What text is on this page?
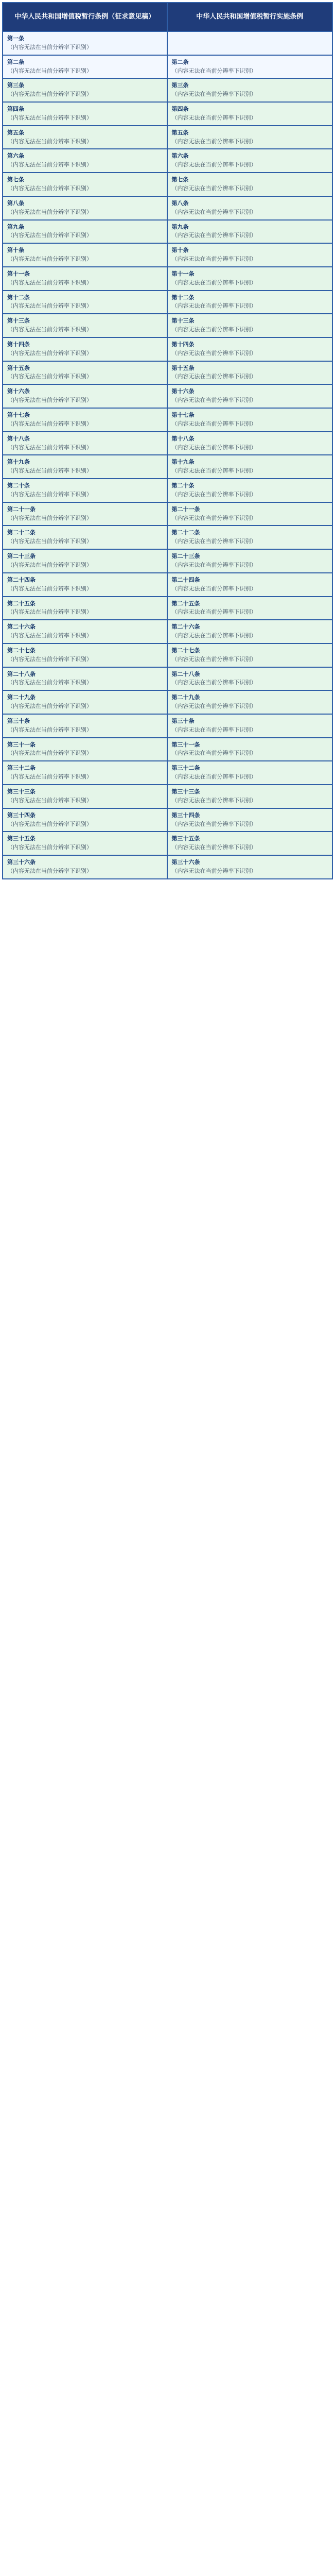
中华人民共和国增值税暂行条例（征求意见稿）	中华人民共和国增值税暂行实施条例
第一条
（内容无法在当前分辨率下识别）
第二条
（内容无法在当前分辨率下识别）
第二条
（内容无法在当前分辨率下识别）
第三条
（内容无法在当前分辨率下识别）
第三条
（内容无法在当前分辨率下识别）
第四条
（内容无法在当前分辨率下识别）
第四条
（内容无法在当前分辨率下识别）
第五条
（内容无法在当前分辨率下识别）
第五条
（内容无法在当前分辨率下识别）
第六条
（内容无法在当前分辨率下识别）
第六条
（内容无法在当前分辨率下识别）
第七条
（内容无法在当前分辨率下识别）
第七条
（内容无法在当前分辨率下识别）
第八条
（内容无法在当前分辨率下识别）
第八条
（内容无法在当前分辨率下识别）
第九条
（内容无法在当前分辨率下识别）
第九条
（内容无法在当前分辨率下识别）
第十条
（内容无法在当前分辨率下识别）
第十条
（内容无法在当前分辨率下识别）
第十一条
（内容无法在当前分辨率下识别）
第十一条
（内容无法在当前分辨率下识别）
第十二条
（内容无法在当前分辨率下识别）
第十二条
（内容无法在当前分辨率下识别）
第十三条
（内容无法在当前分辨率下识别）
第十三条
（内容无法在当前分辨率下识别）
第十四条
（内容无法在当前分辨率下识别）
第十四条
（内容无法在当前分辨率下识别）
第十五条
（内容无法在当前分辨率下识别）
第十五条
（内容无法在当前分辨率下识别）
第十六条
（内容无法在当前分辨率下识别）
第十六条
（内容无法在当前分辨率下识别）
第十七条
（内容无法在当前分辨率下识别）
第十七条
（内容无法在当前分辨率下识别）
第十八条
（内容无法在当前分辨率下识别）
第十八条
（内容无法在当前分辨率下识别）
第十九条
（内容无法在当前分辨率下识别）
第十九条
（内容无法在当前分辨率下识别）
第二十条
（内容无法在当前分辨率下识别）
第二十条
（内容无法在当前分辨率下识别）
第二十一条
（内容无法在当前分辨率下识别）
第二十一条
（内容无法在当前分辨率下识别）
第二十二条
（内容无法在当前分辨率下识别）
第二十二条
（内容无法在当前分辨率下识别）
第二十三条
（内容无法在当前分辨率下识别）
第二十三条
（内容无法在当前分辨率下识别）
第二十四条
（内容无法在当前分辨率下识别）
第二十四条
（内容无法在当前分辨率下识别）
第二十五条
（内容无法在当前分辨率下识别）
第二十五条
（内容无法在当前分辨率下识别）
第二十六条
（内容无法在当前分辨率下识别）
第二十六条
（内容无法在当前分辨率下识别）
第二十七条
（内容无法在当前分辨率下识别）
第二十七条
（内容无法在当前分辨率下识别）
第二十八条
（内容无法在当前分辨率下识别）
第二十八条
（内容无法在当前分辨率下识别）
第二十九条
（内容无法在当前分辨率下识别）
第二十九条
（内容无法在当前分辨率下识别）
第三十条
（内容无法在当前分辨率下识别）
第三十条
（内容无法在当前分辨率下识别）
第三十一条
（内容无法在当前分辨率下识别）
第三十一条
（内容无法在当前分辨率下识别）
第三十二条
（内容无法在当前分辨率下识别）
第三十二条
（内容无法在当前分辨率下识别）
第三十三条
（内容无法在当前分辨率下识别）
第三十三条
（内容无法在当前分辨率下识别）
第三十四条
（内容无法在当前分辨率下识别）
第三十四条
（内容无法在当前分辨率下识别）
第三十五条
（内容无法在当前分辨率下识别）
第三十五条
（内容无法在当前分辨率下识别）
第三十六条
（内容无法在当前分辨率下识别）
第三十六条
（内容无法在当前分辨率下识别）
